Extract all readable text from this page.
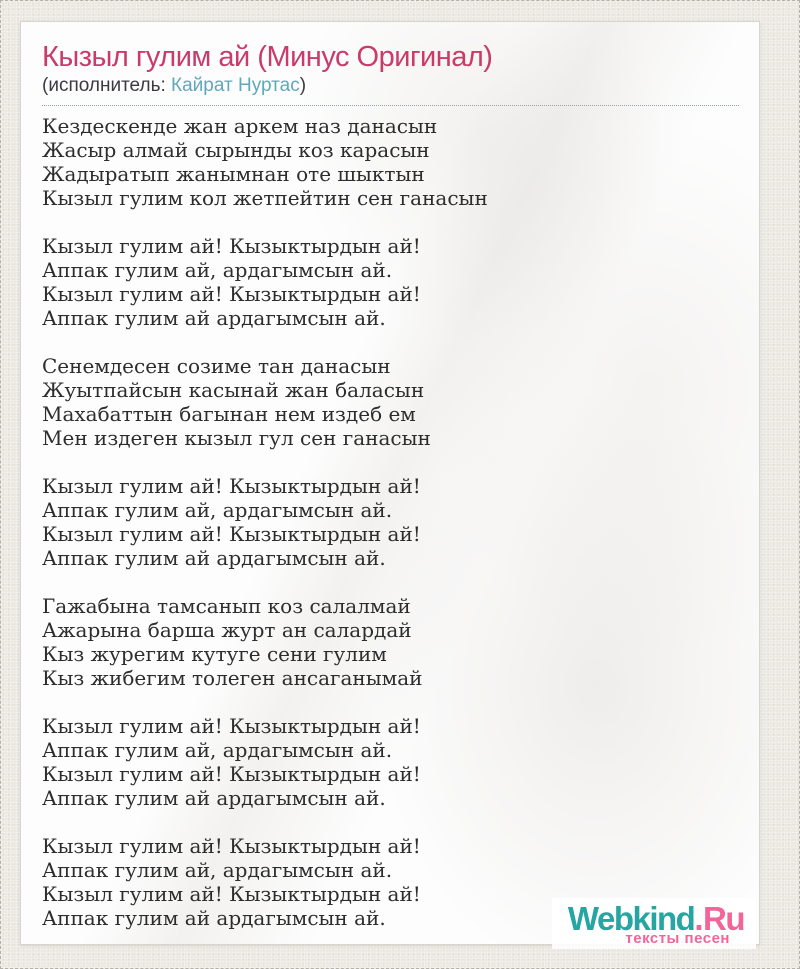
Кызыл гулим ай (Минус Оригинал)
(исполнитель: Кайрат Нуртас)
Кездескенде жан аркем наз данасын
Жасыр алмай сырынды коз карасын
Жадыратып жанымнан оте шыктын
Кызыл гулим кол жетпейтин сен ганасын
Кызыл гулим ай! Кызыктырдын ай!
Аппак гулим ай, ардагымсын ай.
Кызыл гулим ай! Кызыктырдын ай!
Аппак гулим ай ардагымсын ай.
Сенемдесен созиме тан данасын
Жуытпайсын касынай жан баласын
Махабаттын багынан нем издеб ем
Мен издеген кызыл гул сен ганасын
Кызыл гулим ай! Кызыктырдын ай!
Аппак гулим ай, ардагымсын ай.
Кызыл гулим ай! Кызыктырдын ай!
Аппак гулим ай ардагымсын ай.
Гажабына тамсанып коз салалмай
Ажарына барша журт ан салардай
Кыз журегим кутуге сени гулим
Кыз жибегим толеген ансаганымай
Кызыл гулим ай! Кызыктырдын ай!
Аппак гулим ай, ардагымсын ай.
Кызыл гулим ай! Кызыктырдын ай!
Аппак гулим ай ардагымсын ай.
Кызыл гулим ай! Кызыктырдын ай!
Аппак гулим ай, ардагымсын ай.
Кызыл гулим ай! Кызыктырдын ай!
Аппак гулим ай ардагымсын ай.	Webkind.Ru
тексты песен
